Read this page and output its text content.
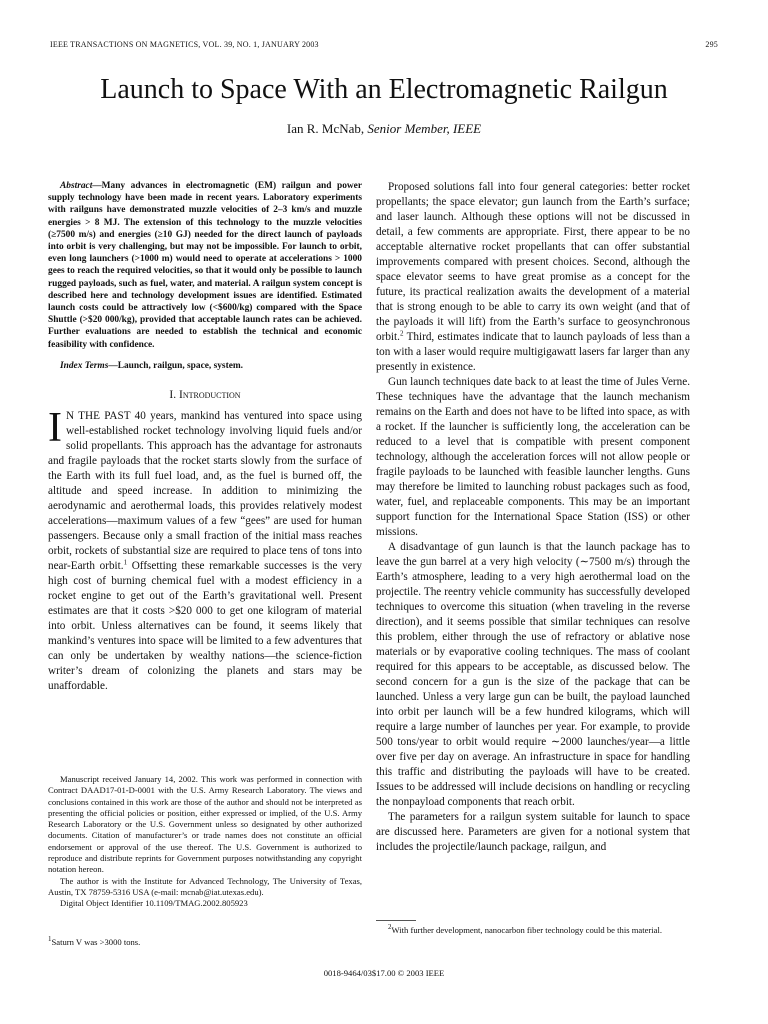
IEEE TRANSACTIONS ON MAGNETICS, VOL. 39, NO. 1, JANUARY 2003	295
Launch to Space With an Electromagnetic Railgun
Ian R. McNab, Senior Member, IEEE

Abstract—Many advances in electromagnetic (EM) railgun and power supply technology have been made in recent years. Laboratory experiments with railguns have demonstrated muzzle velocities of 2–3 km/s and muzzle energies > 8 MJ. The extension of this technology to the muzzle velocities (≥7500 m/s) and energies (≥10 GJ) needed for the direct launch of payloads into orbit is very challenging, but may not be impossible. For launch to orbit, even long launchers (>1000 m) would need to operate at accelerations > 1000 gees to reach the required velocities, so that it would only be possible to launch rugged payloads, such as fuel, water, and material. A railgun system concept is described here and technology development issues are identified. Estimated launch costs could be attractively low (<$600/kg) compared with the Space Shuttle (>$20 000/kg), provided that acceptable launch rates can be achieved. Further evaluations are needed to establish the technical and economic feasibility with confidence.

Index Terms—Launch, railgun, space, system.

I. Introduction

I N THE PAST 40 years, mankind has ventured into space using well-established rocket technology involving liquid fuels and/or solid propellants. This approach has the advantage for astronauts and fragile payloads that the rocket starts slowly from the surface of the Earth with its full fuel load, and, as the fuel is burned off, the altitude and speed increase. In addition to minimizing the aerodynamic and aerothermal loads, this provides relatively modest accelerations—maximum values of a few “gees” are used for human passengers. Because only a small fraction of the initial mass reaches orbit, rockets of substantial size are required to place tens of tons into near-Earth orbit.$^1$ Offsetting these remarkable successes is the very high cost of burning chemical fuel with a modest efficiency in a rocket engine to get out of the Earth’s gravitational well. Present estimates are that it costs >$20 000 to get one kilogram of material into orbit. Unless alternatives can be found, it seems likely that mankind’s ventures into space will be limited to a few adventures that can only be undertaken by wealthy nations—the science-fiction writer’s dream of colonizing the planets and stars may be unaffordable.

Manuscript received January 14, 2002. This work was performed in connection with Contract DAAD17-01-D-0001 with the U.S. Army Research Laboratory. The views and conclusions contained in this work are those of the author and should not be interpreted as presenting the official policies or position, either expressed or implied, of the U.S. Army Research Laboratory or the U.S. Government unless so designated by other authorized documents. Citation of manufacturer’s or trade names does not constitute an official endorsement or approval of the use thereof. The U.S. Government is authorized to reproduce and distribute reprints for Government purposes notwithstanding any copyright notation hereon.

The author is with the Institute for Advanced Technology, The University of Texas, Austin, TX 78759-5316 USA (e-mail: mcnab@iat.utexas.edu).

Digital Object Identifier 10.1109/TMAG.2002.805923

$^1$Saturn V was >3000 tons.

Proposed solutions fall into four general categories: better rocket propellants; the space elevator; gun launch from the Earth’s surface; and laser launch. Although these options will not be discussed in detail, a few comments are appropriate. First, there appear to be no acceptable alternative rocket propellants that can offer substantial improvements compared with present choices. Second, although the space elevator seems to have great promise as a concept for the future, its practical realization awaits the development of a material that is strong enough to be able to carry its own weight (and that of the payloads it will lift) from the Earth’s surface to geosynchronous orbit.$^2$ Third, estimates indicate that to launch payloads of less than a ton with a laser would require multigigawatt lasers far larger than any presently in existence.

Gun launch techniques date back to at least the time of Jules Verne. These techniques have the advantage that the launch mechanism remains on the Earth and does not have to be lifted into space, as with a rocket. If the launcher is sufficiently long, the acceleration can be reduced to a level that is compatible with present component technology, although the acceleration forces will not allow people or fragile payloads to be launched with feasible launcher lengths. Guns may therefore be limited to launching robust packages such as food, water, fuel, and replaceable components. This may be an important support function for the International Space Station (ISS) or other missions.

A disadvantage of gun launch is that the launch package has to leave the gun barrel at a very high velocity (∼7500 m/s) through the Earth’s atmosphere, leading to a very high aerothermal load on the projectile. The reentry vehicle community has successfully developed techniques to overcome this situation (when traveling in the reverse direction), and it seems possible that similar techniques can resolve this problem, either through the use of refractory or ablative nose materials or by evaporative cooling techniques. The mass of coolant required for this appears to be acceptable, as discussed below. The second concern for a gun is the size of the package that can be launched. Unless a very large gun can be built, the payload launched into orbit per launch will be a few hundred kilograms, which will require a large number of launches per year. For example, to provide 500 tons/year to orbit would require ∼2000 launches/year—a little over five per day on average. An infrastructure in space for handling this traffic and distributing the payloads will have to be created. Issues to be addressed will include decisions on handling or recycling the nonpayload components that reach orbit.

The parameters for a railgun system suitable for launch to space are discussed here. Parameters are given for a notional system that includes the projectile/launch package, railgun, and

$^2$With further development, nanocarbon fiber technology could be this material.
0018-9464/03$17.00 © 2003 IEEE
